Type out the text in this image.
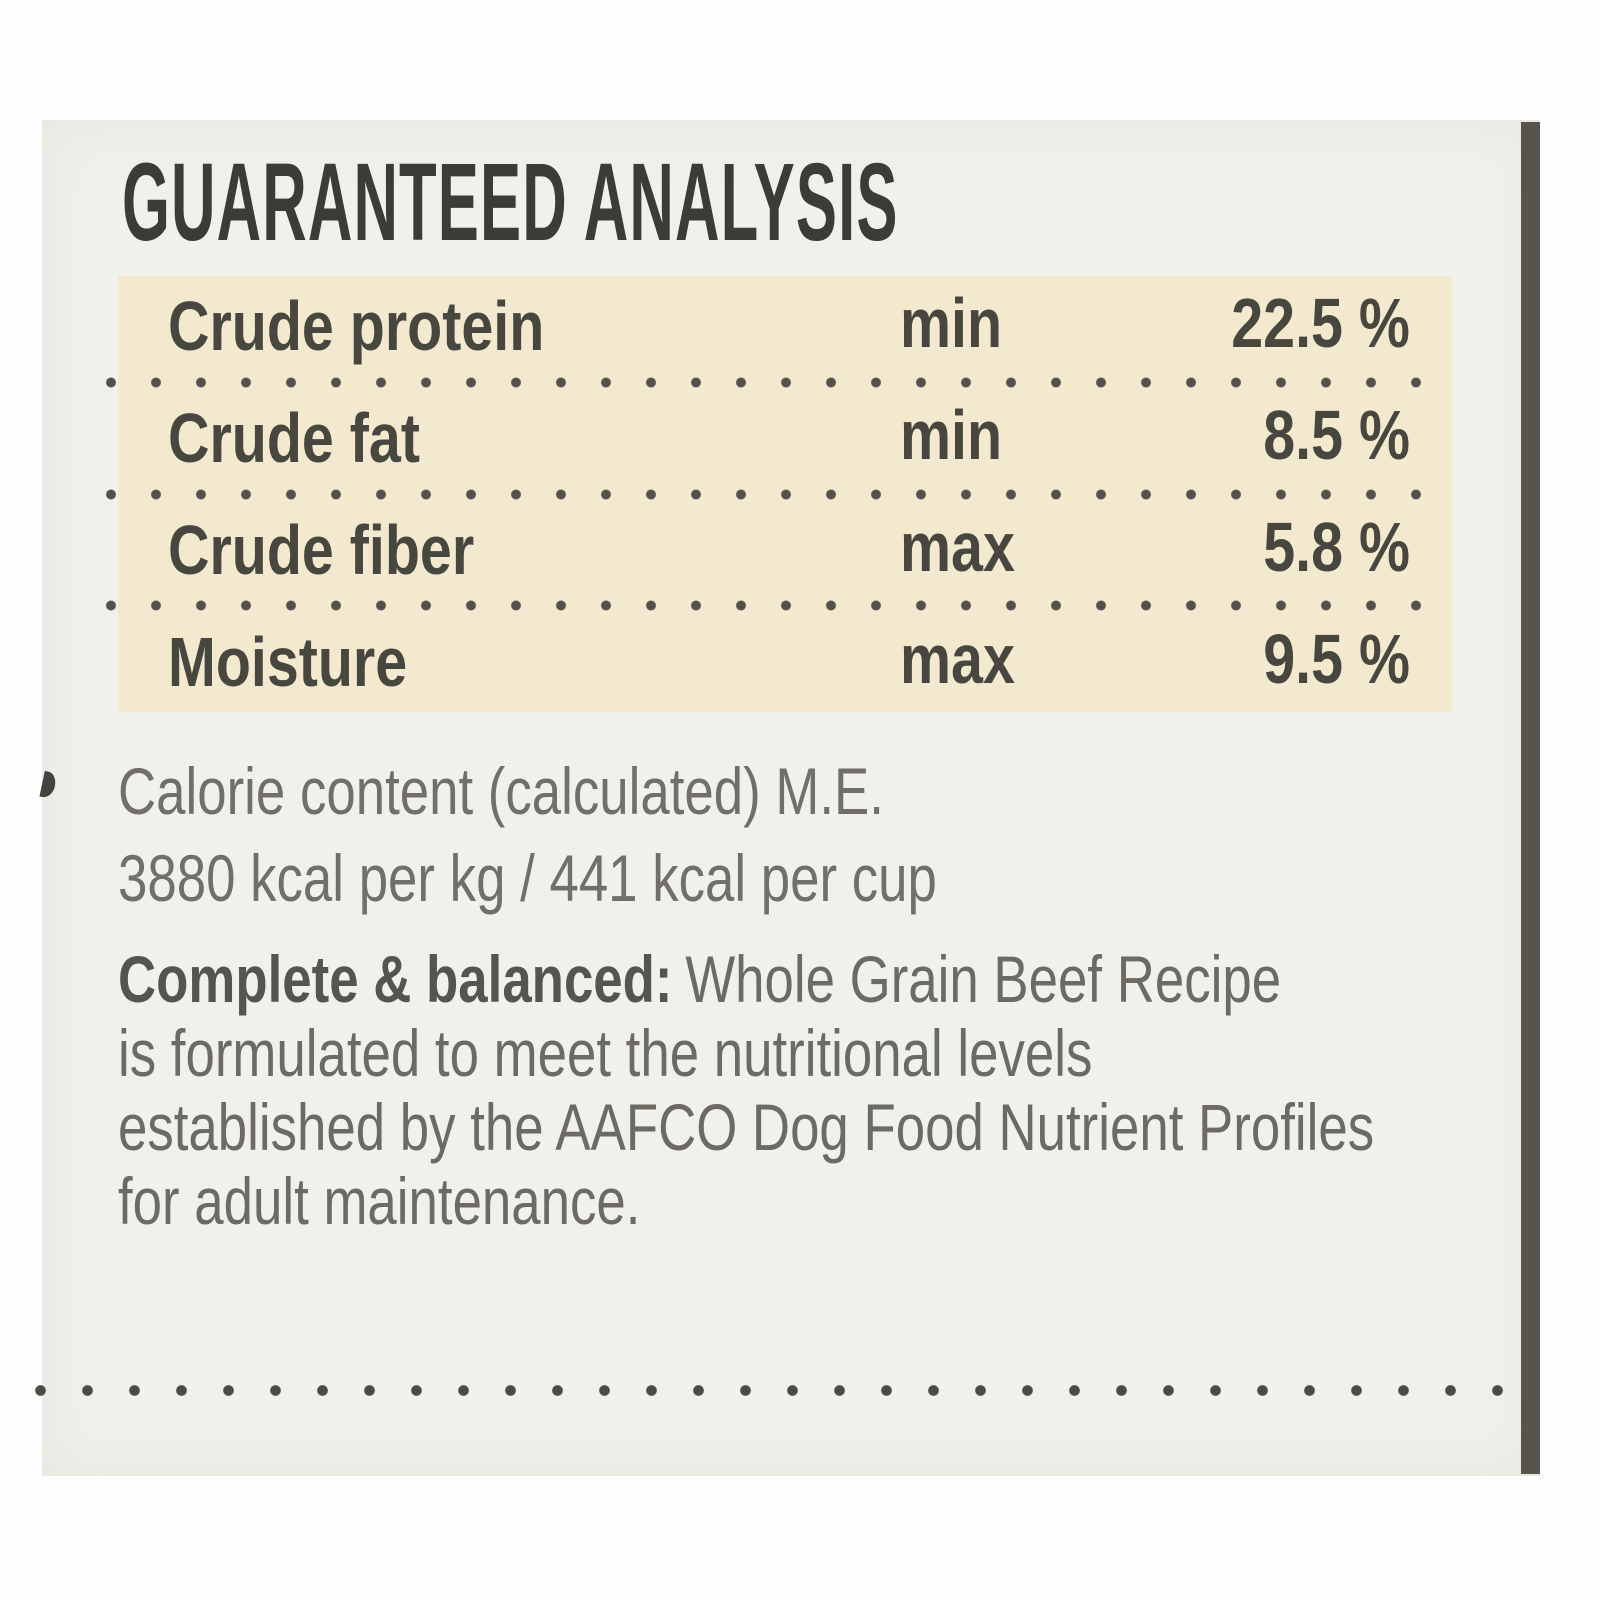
GUARANTEED ANALYSIS
Crude protein	min	22.5 %
Crude fat	min	8.5 %
Crude fiber	max	5.8 %
Moisture	max	9.5 %
Calorie content (calculated) M.E.
3880 kcal per kg / 441 kcal per cup
Complete & balanced: Whole Grain Beef Recipe
is formulated to meet the nutritional levels
established by the AAFCO Dog Food Nutrient Profiles
for adult maintenance.
